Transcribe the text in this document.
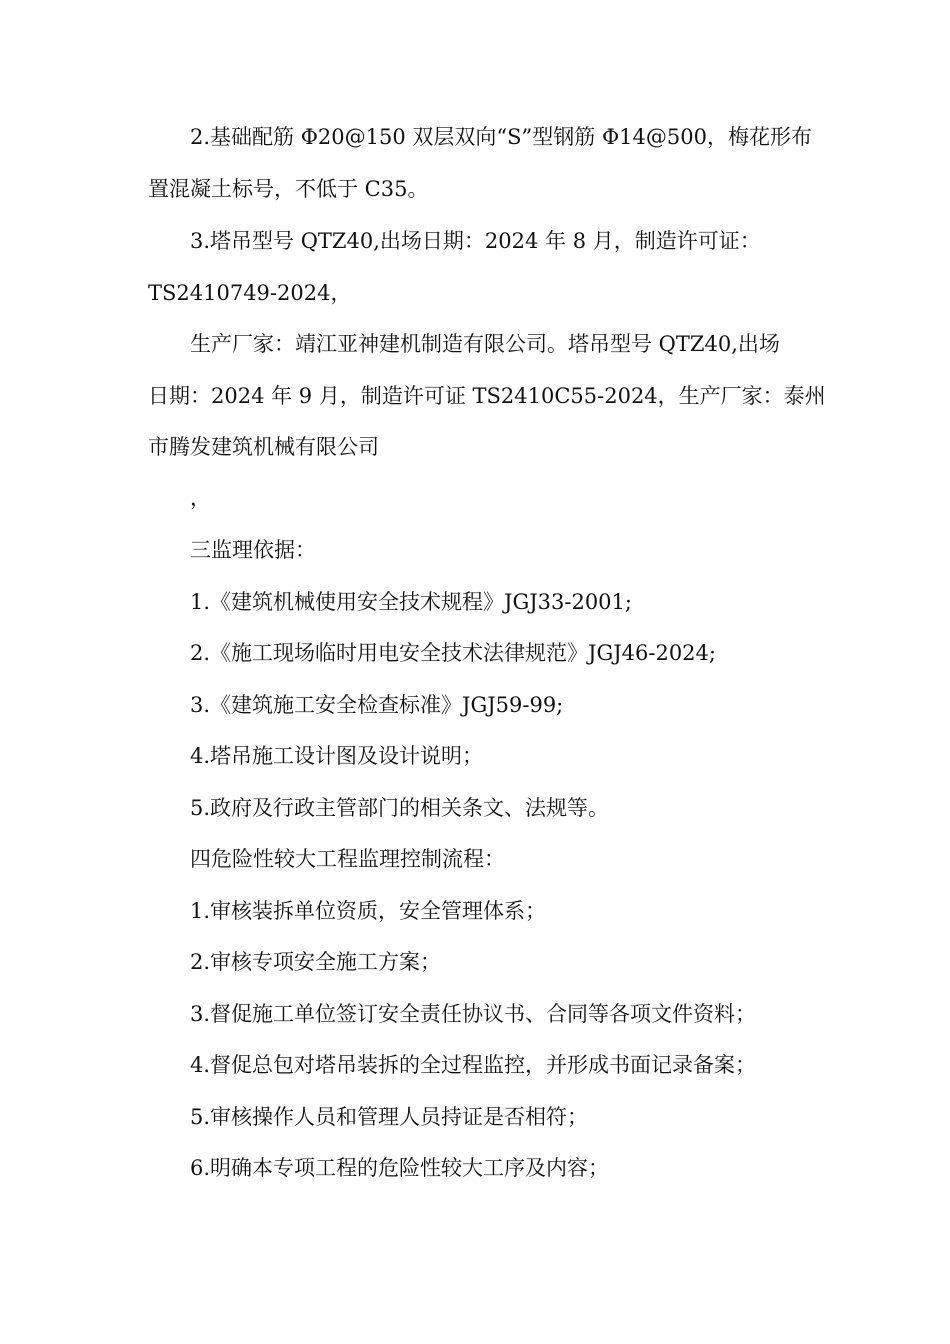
2.基础配筋 Φ20@150 双层双向“S”型钢筋 Φ14@500，梅花形布
置混凝土标号，不低于 C35。
3.塔吊型号 QTZ40,出场日期：2024 年 8 月，制造许可证：
TS2410749-2024，
生产厂家：靖江亚神建机制造有限公司。塔吊型号 QTZ40,出场
日期：2024 年 9 月，制造许可证 TS2410C55-2024，生产厂家：泰州
市腾发建筑机械有限公司
，
三监理依据：
1.《建筑机械使用安全技术规程》JGJ33-2001;
2.《施工现场临时用电安全技术法律规范》JGJ46-2024;
3.《建筑施工安全检查标准》JGJ59-99;
4.塔吊施工设计图及设计说明；
5.政府及行政主管部门的相关条文、法规等。
四危险性较大工程监理控制流程：
1.审核装拆单位资质，安全管理体系；
2.审核专项安全施工方案；
3.督促施工单位签订安全责任协议书、合同等各项文件资料；
4.督促总包对塔吊装拆的全过程监控，并形成书面记录备案；
5.审核操作人员和管理人员持证是否相符；
6.明确本专项工程的危险性较大工序及内容；
